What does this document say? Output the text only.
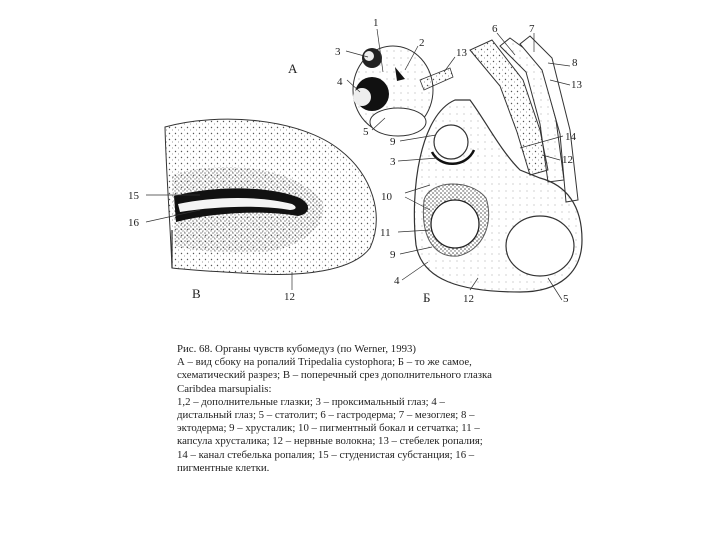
А
Б
В
1
2
3
4
5
13
6	7
8
13
14
12
9
3
10
11
9
4
12	5
15
16
12
Рис. 68. Органы чувств кубомедуз (по Werner, 1993)
А – вид сбоку на ропалий Tripedalia cystophora; Б – то же самое,
схематический разрез; В – поперечный срез дополнительного глазка
Caribdea marsupialis:
1,2 – дополнительные глазки; 3 – проксимальный глаз; 4 –
дистальный глаз; 5 – статолит; 6 – гастродерма; 7 – мезоглея; 8 –
эктодерма; 9 – хрусталик; 10 – пигментный бокал и сетчатка; 11 –
капсула хрусталика; 12 – нервные волокна; 13 – стебелек ропалия;
14 – канал стебелька ропалия; 15 – студенистая субстанция; 16 –
пигментные клетки.
